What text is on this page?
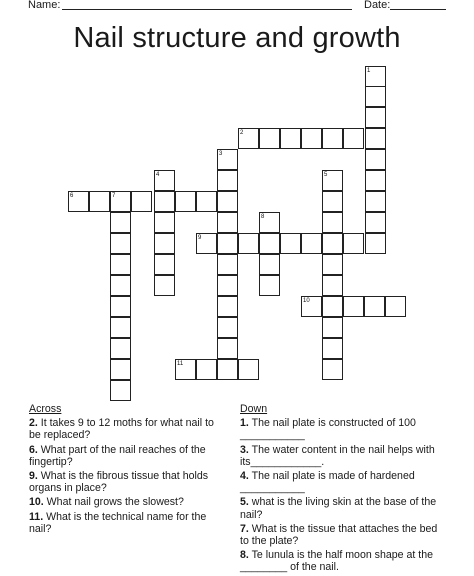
Name:	Date:
Nail structure and growth
1
2
3
4	5
6	7
8
9
10
11
Across
2. It takes 9 to 12 moths for what nail to be replaced?
6. What part of the nail reaches of the fingertip?
9. What is the fibrous tissue that holds organs in place?
10. What nail grows the slowest?
11. What is the technical name for the nail?
Down
1. The nail plate is constructed of 100 ___________
3. The water content in the nail helps with its____________.
4. The nail plate is made of hardened ___________
5. what is the living skin at the base of the nail?
7. What is the tissue that attaches the bed to the plate?
8. Te lunula is the half moon shape at the ________ of the nail.
